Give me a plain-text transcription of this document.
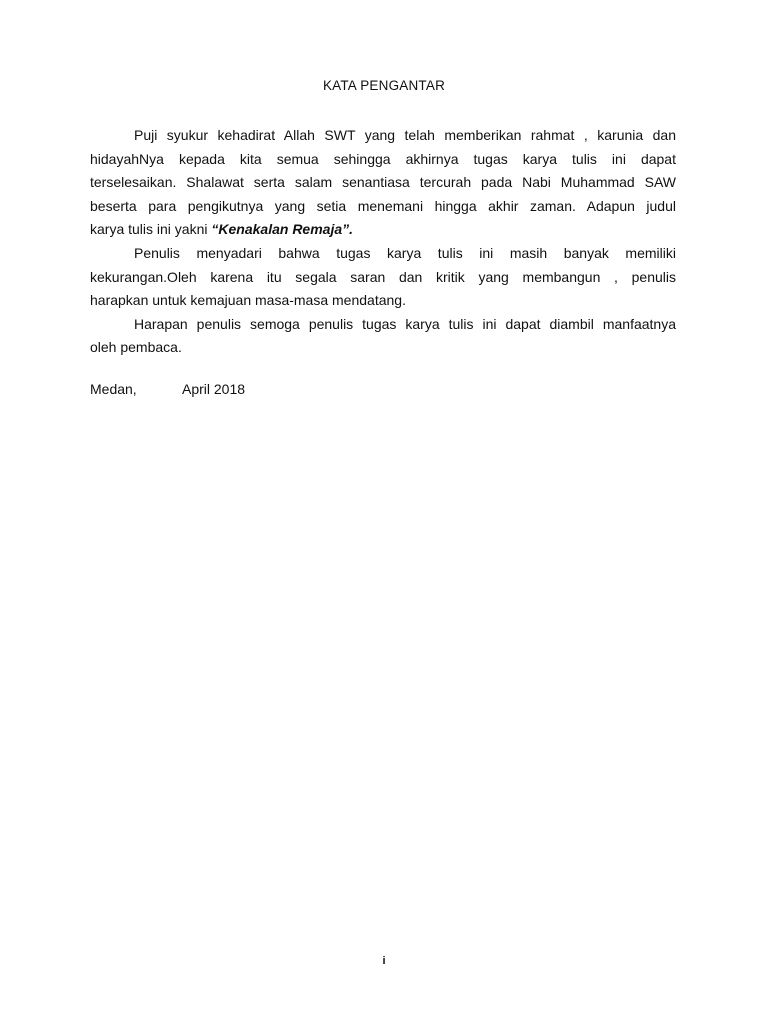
KATA PENGANTAR

Puji syukur kehadirat Allah SWT yang telah memberikan rahmat , karunia dan
hidayahNya kepada kita semua sehingga akhirnya tugas karya tulis ini dapat
terselesaikan. Shalawat serta salam senantiasa tercurah pada Nabi Muhammad SAW
beserta para pengikutnya yang setia menemani hingga akhir zaman. Adapun judul
karya tulis ini yakni “Kenakalan Remaja”.

Penulis menyadari bahwa tugas karya tulis ini masih banyak memiliki
kekurangan.Oleh karena itu segala saran dan kritik yang membangun , penulis
harapkan untuk kemajuan masa-masa mendatang.

Harapan penulis semoga penulis tugas karya tulis ini dapat diambil manfaatnya
oleh pembaca.

Medan,	April 2018
i
